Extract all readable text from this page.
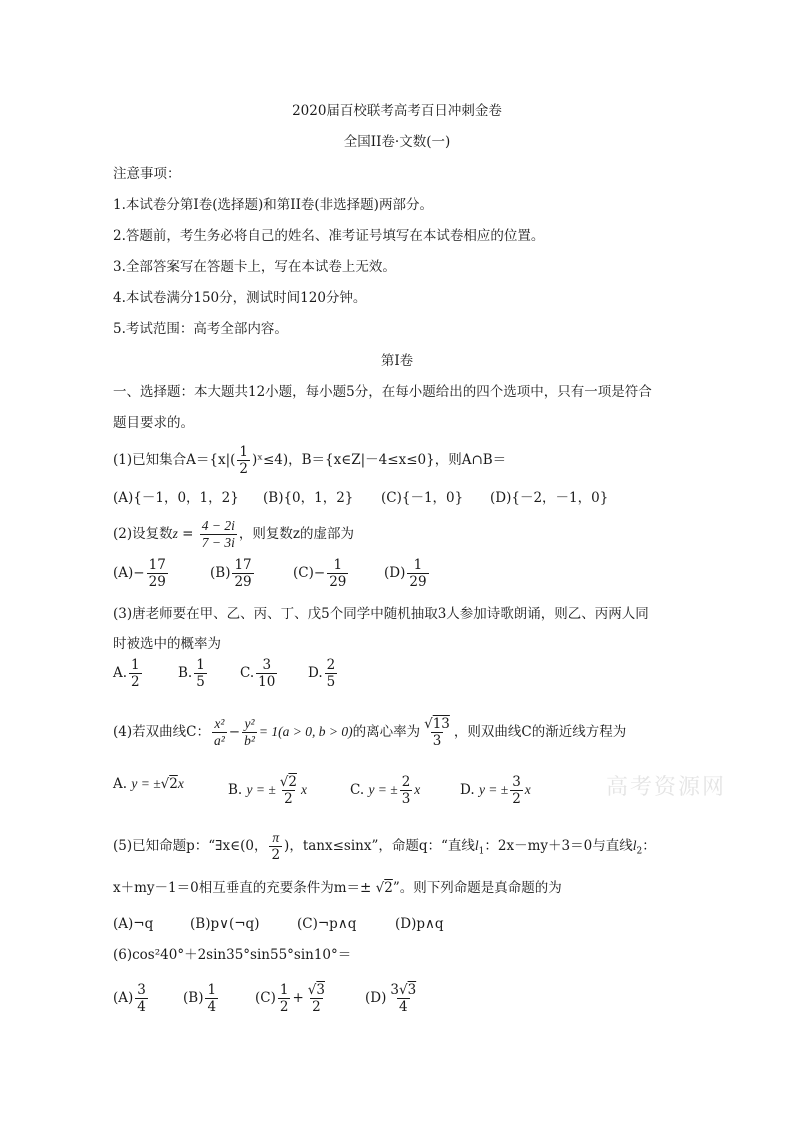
2020届百校联考高考百日冲刺金卷
全国II卷·文数(一)
注意事项：
1.本试卷分第I卷(选择题)和第II卷(非选择题)两部分。
2.答题前，考生务必将自己的姓名、准考证号填写在本试卷相应的位置。
3.全部答案写在答题卡上，写在本试卷上无效。
4.本试卷满分150分，测试时间120分钟。
5.考试范围：高考全部内容。
第I卷
一、选择题：本大题共12小题，每小题5分，在每小题给出的四个选项中，只有一项是符合
题目要求的。
(1)已知集合$A=\{x|( \frac{1}{2}$ )ˣ≤4)，B＝{x∈Z|－4≤x≤0}，则A∩B＝
(A){－1，0，1，2} (B){0，1，2} (C){－1，0} (D){－2，－1，0}
(2)设复数$z = \frac{4 - 2i}{7 - 3i}$ ，则复数z的虚部为
$(A)- \frac{17}{29}$	$(B) \frac{17}{29}$	$(C)- \frac{1}{29}$	$(D) \frac{1}{29}$
(3)唐老师要在甲、乙、丙、丁、戊5个同学中随机抽取3人参加诗歌朗诵，则乙、丙两人同
时被选中的概率为
A. $\frac{1}{2}$	B. $\frac{1}{5} C$. $\frac{3}{10} D$. $\frac{2}{5}$
(4)若双曲线C： $\frac{\text{x²}}{\text{a²}} - \frac{\text{y²}}{\text{b²}} = 1(a > 0$, b > 0)的离心率为 $\frac{√13}{3}$ ，则双曲线C的渐近线方程为
A. y = ±√2x	B. y = ± $\frac{√2}{2}$ x	C. y = ± $\frac{2}{3}$ x	D. y = ± $\frac{3}{2}$ x	高考资源网
(5)已知命题p：“∃x∈(0， $\frac{\pi}{2}$ )，tanx≤sinx”，命题q：“直线$l_1$：2x－my＋3＝0与直线$l_2$：
x＋my－1＝0相互垂直的充要条件为m＝± √2”。则下列命题是真命题的为
(A)¬q	(B)p∨(¬q)	(C)¬p∧q	(D)p∧q
(6)cos²40°＋2sin35°sin55°sin10°＝
$(A) \frac{3}{4}$	$(B) \frac{1}{4}$	$(C) \frac{1}{2} + \frac{√3}{2}$	$(D) \frac{3√3}{4}$
